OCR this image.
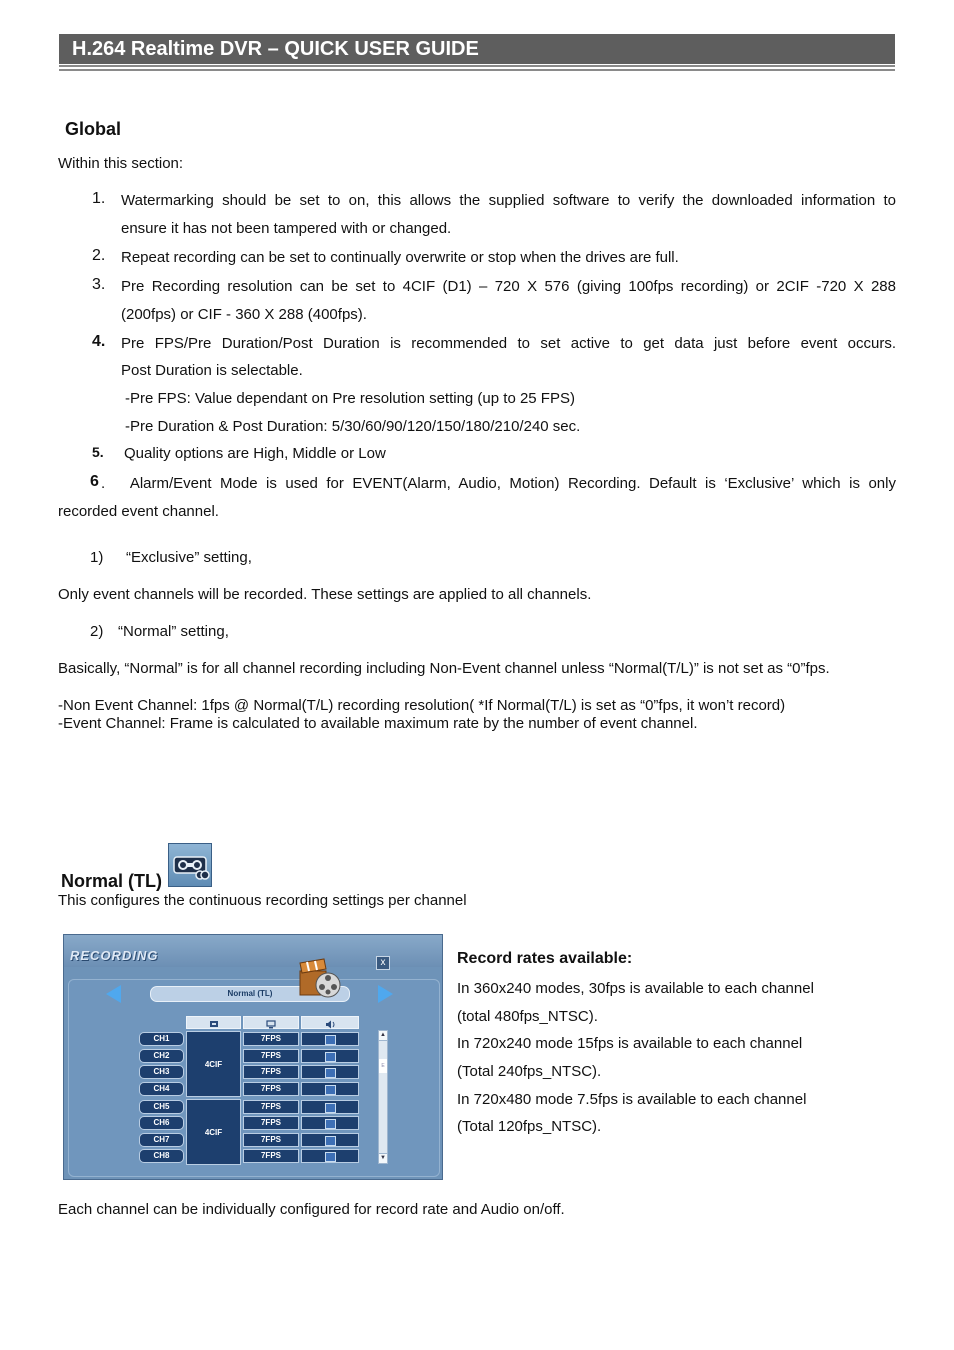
H.264 Realtime DVR – QUICK USER GUIDE
Global
Within this section:
1. Watermarking should be set to on, this allows the supplied software to verify the downloaded information to
ensure it has not been tampered with or changed.
2. Repeat recording can be set to continually overwrite or stop when the drives are full.
3. Pre Recording resolution can be set to 4CIF (D1) – 720 X 576 (giving 100fps recording) or 2CIF -720 X 288
(200fps) or CIF - 360 X 288 (400fps).
4. Pre FPS/Pre Duration/Post Duration is recommended to set active to get data just before event occurs.
Post Duration is selectable.
-Pre FPS: Value dependant on Pre resolution setting (up to 25 FPS)
-Pre Duration & Post Duration: 5/30/60/90/120/150/180/210/240 sec.
5. Quality options are High, Middle or Low
6 .   Alarm/Event Mode is used for EVENT(Alarm, Audio, Motion) Recording. Default is ‘Exclusive’ which is only
recorded event channel.
1) “Exclusive” setting,
Only event channels will be recorded. These settings are applied to all channels.
2) “Normal” setting,
Basically, “Normal” is for all channel recording including Non-Event channel unless “Normal(T/L)” is not set as “0”fps.
-Non Event Channel: 1fps @ Normal(T/L) recording resolution( *If Normal(T/L) is set as “0”fps, it won’t record)
-Event Channel: Frame is calculated to available maximum rate by the number of event channel.
Normal (TL)
This configures the continuous recording settings per channel
RECORDING	x
Normal (TL)
CH1
CH2
CH3
CH4
CH5
CH6
CH7
CH8
4CIF
4CIF
7FPS
7FPS
7FPS
7FPS
7FPS
7FPS
7FPS
7FPS
▲
E
▼
Record rates available:
In 360x240 modes, 30fps is available to each channel
(total 480fps_NTSC).
In 720x240 mode 15fps is available to each channel
(Total 240fps_NTSC).
In 720x480 mode 7.5fps is available to each channel
(Total 120fps_NTSC).
Each channel can be individually configured for record rate and Audio on/off.
